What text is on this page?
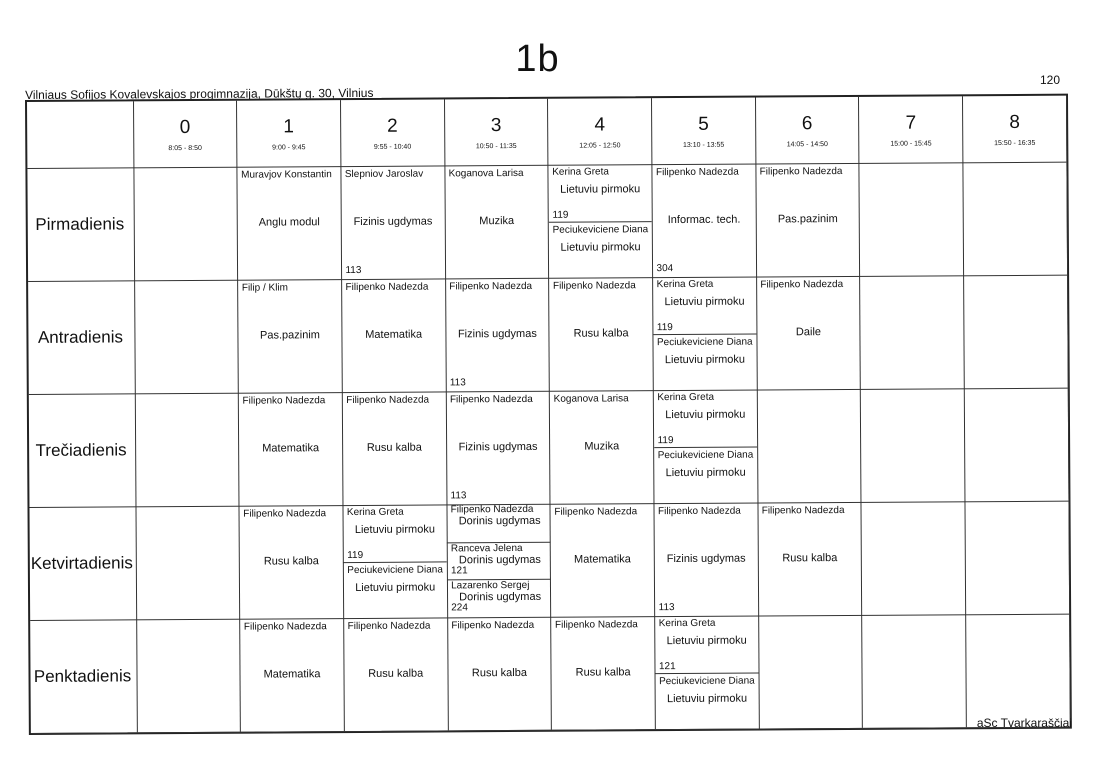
1b	120
Vilniaus Sofijos Kovalevskajos progimnazija, Dūkštų g. 30, Vilnius
0
8:05 - 8:50
1
9:00 - 9:45
2
9:55 - 10:40
3
10:50 - 11:35
4
12:05 - 12:50
5
13:10 - 13:55
6
14:05 - 14:50
7
15:00 - 15:45
8
15:50 - 16:35
Pirmadienis
Muravjov Konstantin
Anglu modul
Slepniov Jaroslav
Fizinis ugdymas
113
Koganova Larisa
Muzika
Kerina Greta
Lietuviu pirmoku
119
Peciukeviciene Diana
Lietuviu pirmoku
Filipenko Nadezda
Informac. tech.
304
Filipenko Nadezda
Pas.pazinim
Antradienis
Filip / Klim
Pas.pazinim
Filipenko Nadezda
Matematika
Filipenko Nadezda
Fizinis ugdymas
113
Filipenko Nadezda
Rusu kalba
Kerina Greta
Lietuviu pirmoku
119
Peciukeviciene Diana
Lietuviu pirmoku
Filipenko Nadezda
Daile
Trečiadienis
Filipenko Nadezda
Matematika
Filipenko Nadezda
Rusu kalba
Filipenko Nadezda
Fizinis ugdymas
113
Koganova Larisa
Muzika
Kerina Greta
Lietuviu pirmoku
119
Peciukeviciene Diana
Lietuviu pirmoku
Ketvirtadienis
Filipenko Nadezda
Rusu kalba
Kerina Greta
Lietuviu pirmoku
119
Peciukeviciene Diana
Lietuviu pirmoku
Filipenko Nadezda
Dorinis ugdymas
Ranceva Jelena
Dorinis ugdymas
121
Lazarenko Sergej
Dorinis ugdymas
224
Filipenko Nadezda
Matematika
Filipenko Nadezda
Fizinis ugdymas
113
Filipenko Nadezda
Rusu kalba
Penktadienis
Filipenko Nadezda
Matematika
Filipenko Nadezda
Rusu kalba
Filipenko Nadezda
Rusu kalba
Filipenko Nadezda
Rusu kalba
Kerina Greta
Lietuviu pirmoku
121
Peciukeviciene Diana
Lietuviu pirmoku
aSc Tvarkaraščiai
